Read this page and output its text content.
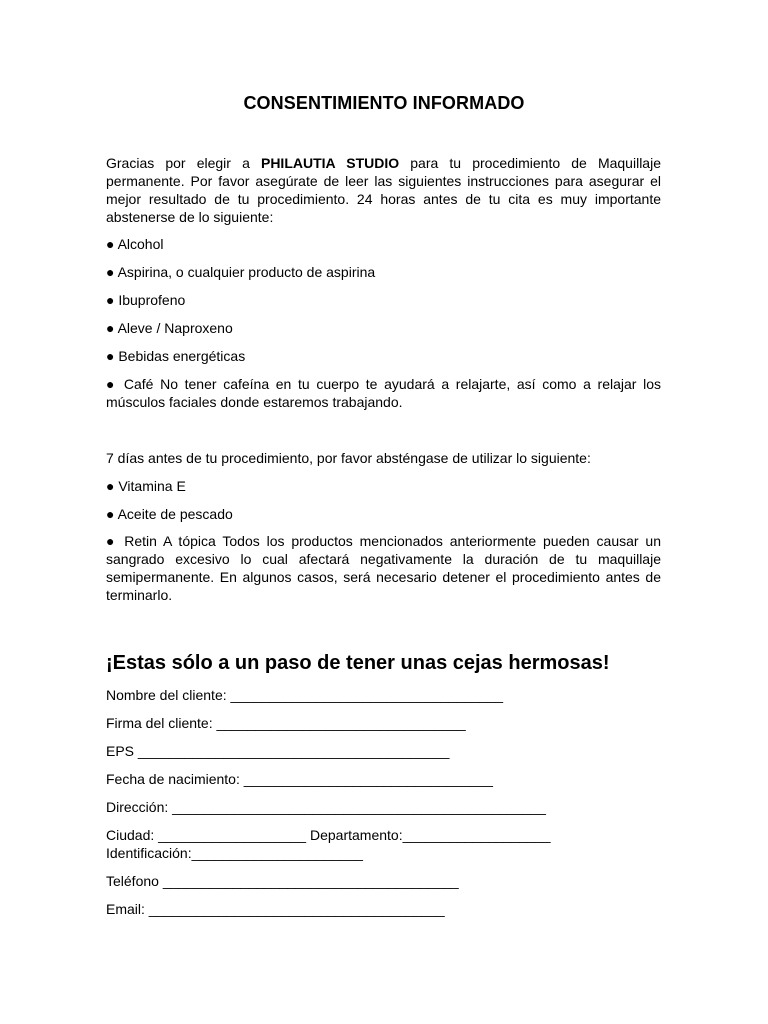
CONSENTIMIENTO INFORMADO
Gracias por elegir a PHILAUTIA STUDIO para tu procedimiento de Maquillaje permanente. Por favor asegúrate de leer las siguientes instrucciones para asegurar el mejor resultado de tu procedimiento. 24 horas antes de tu cita es muy importante abstenerse de lo siguiente:
● Alcohol
● Aspirina, o cualquier producto de aspirina
● Ibuprofeno
● Aleve / Naproxeno
● Bebidas energéticas
● Café No tener cafeína en tu cuerpo te ayudará a relajarte, así como a relajar los músculos faciales donde estaremos trabajando.
7 días antes de tu procedimiento, por favor absténgase de utilizar lo siguiente:
● Vitamina E
● Aceite de pescado
● Retin A tópica Todos los productos mencionados anteriormente pueden causar un sangrado excesivo lo cual afectará negativamente la duración de tu maquillaje semipermanente. En algunos casos, será necesario detener el procedimiento antes de terminarlo.
¡Estas sólo a un paso de tener unas cejas hermosas!
Nombre del cliente: ___________________________________
Firma del cliente: ________________________________
EPS ________________________________________
Fecha de nacimiento: ________________________________
Dirección: ________________________________________________
Ciudad: ___________________ Departamento:___________________
Identificación:______________________
Teléfono ______________________________________
Email: ______________________________________
